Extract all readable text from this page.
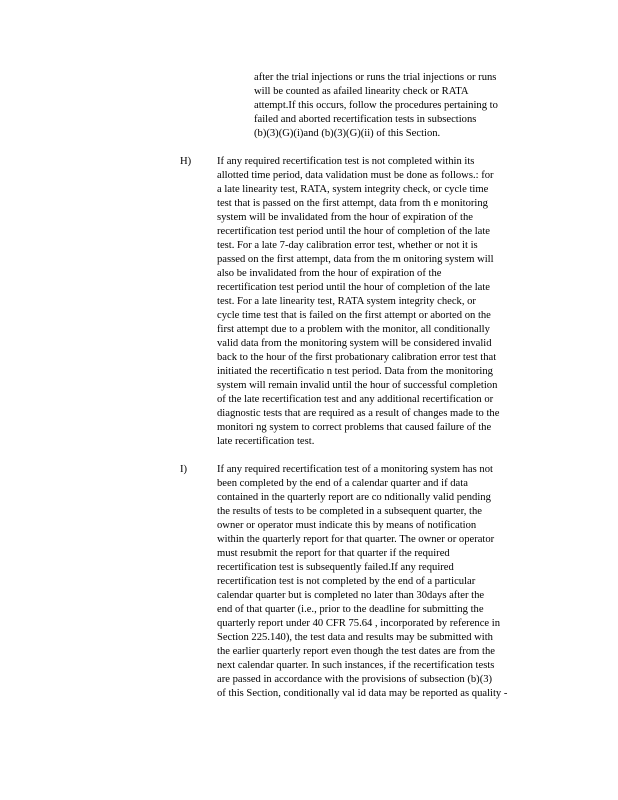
after the trial injections or runs the trial injections or runs
will be counted as afailed linearity check or RATA
attempt.If this occurs, follow the procedures pertaining to
failed and aborted recertification tests in subsections
(b)(3)(G)(i)and (b)(3)(G)(ii) of this Section.
H) If any required recertification test is not completed within its
allotted time period, data validation must be done as follows.: for
a late linearity test, RATA, system integrity check, or cycle time
test that is passed on the first attempt, data from th e monitoring
system will be invalidated from the hour of expiration of the
recertification test period until the hour of completion of the late
test. For a late 7-day calibration error test, whether or not it is
passed on the first attempt, data from the m onitoring system will
also be invalidated from the hour of expiration of the
recertification test period until the hour of completion of the late
test. For a late linearity test, RATA system integrity check, or
cycle time test that is failed on the first attempt or aborted on the
first attempt due to a problem with the monitor, all conditionally
valid data from the monitoring system will be considered invalid
back to the hour of the first probationary calibration error test that
initiated the recertificatio n test period. Data from the monitoring
system will remain invalid until the hour of successful completion
of the late recertification test and any additional recertification or
diagnostic tests that are required as a result of changes made to the
monitori ng system to correct problems that caused failure of the
late recertification test.
I)	If any required recertification test of a monitoring system has not
been completed by the end of a calendar quarter and if data
contained in the quarterly report are co nditionally valid pending
the results of tests to be completed in a subsequent quarter, the
owner or operator must indicate this by means of notification
within the quarterly report for that quarter. The owner or operator
must resubmit the report for that quarter if the required
recertification test is subsequently failed.If any required
recertification test is not completed by the end of a particular
calendar quarter but is completed no later than 30days after the
end of that quarter (i.e., prior to the deadline for submitting the
quarterly report under 40 CFR 75.64 , incorporated by reference in
Section 225.140), the test data and results may be submitted with
the earlier quarterly report even though the test dates are from the
next calendar quarter. In such instances, if the recertification tests
are passed in accordance with the provisions of subsection (b)(3)
of this Section, conditionally val id data may be reported as quality -
